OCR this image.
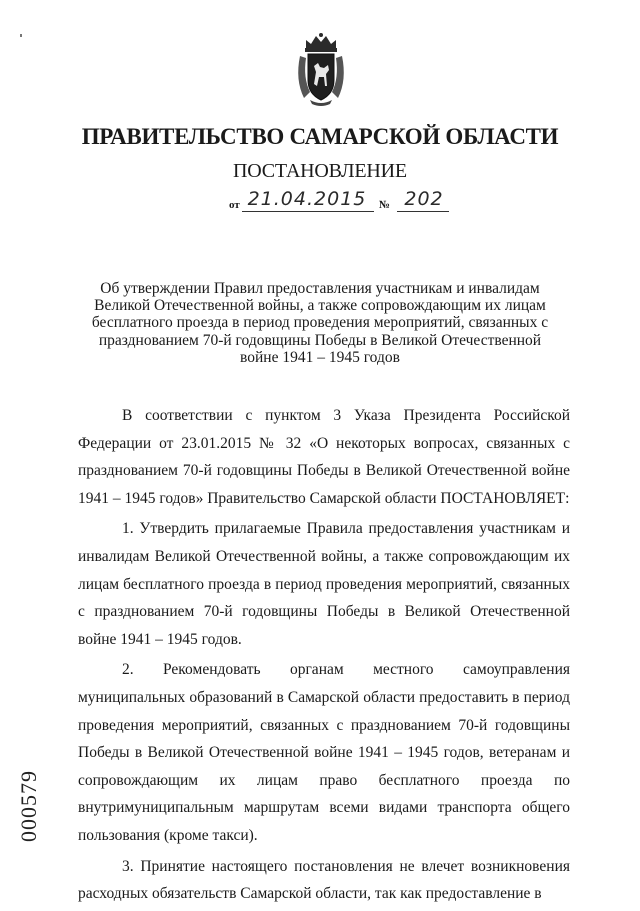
ПРАВИТЕЛЬСТВО САМАРСКОЙ ОБЛАСТИ
ПОСТАНОВЛЕНИЕ
от 21.04.2015	№ 202
Об утверждении Правил предоставления участникам и инвалидам Великой Отечественной войны, а также сопровождающим их лицам бесплатного проезда в период проведения мероприятий, связанных с празднованием 70-й годовщины Победы в Великой Отечественной войне 1941 – 1945 годов

В соответствии с пунктом 3 Указа Президента Российской Федерации от 23.01.2015 № 32 «О некоторых вопросах, связанных с празднованием 70-й годовщины Победы в Великой Отечественной войне 1941 – 1945 годов» Правительство Самарской области ПОСТАНОВЛЯЕТ:

1. Утвердить прилагаемые Правила предоставления участникам и инвалидам Великой Отечественной войны, а также сопровождающим их лицам бесплатного проезда в период проведения мероприятий, связанных с празднованием 70-й годовщины Победы в Великой Отечественной войне 1941 – 1945 годов.

2. Рекомендовать органам местного самоуправления муниципальных образований в Самарской области предоставить в период проведения мероприятий, связанных с празднованием 70-й годовщины Победы в Великой Отечественной войне 1941 – 1945 годов, ветеранам и сопровождающим их лицам право бесплатного проезда по внутримуниципальным маршрутам всеми видами транспорта общего пользования (кроме такси).

3. Принятие настоящего постановления не влечет возникновения расходных обязательств Самарской области, так как предоставление в

000579
